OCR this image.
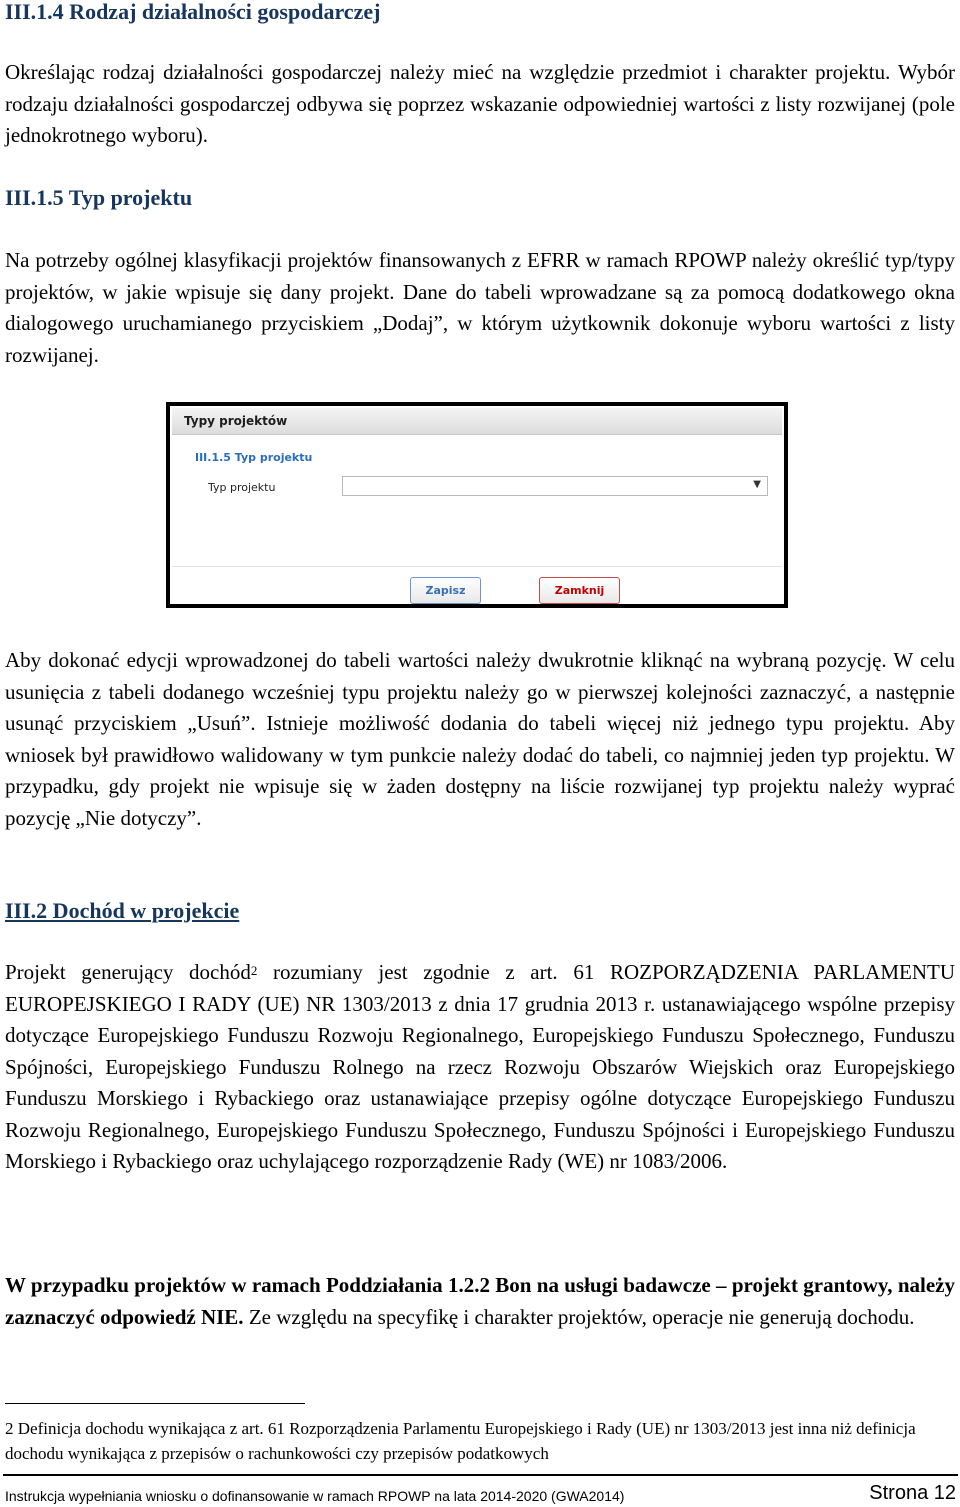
III.1.4 Rodzaj działalności gospodarczej

Określając rodzaj działalności gospodarczej należy mieć na względzie przedmiot i charakter projektu. Wybór rodzaju działalności gospodarczej odbywa się poprzez wskazanie odpowiedniej wartości z listy rozwijanej (pole jednokrotnego wyboru).

III.1.5 Typ projektu

Na potrzeby ogólnej klasyfikacji projektów finansowanych z EFRR w ramach RPOWP należy określić typ/typy projektów, w jakie wpisuje się dany projekt. Dane do tabeli wprowadzane są za pomocą dodatkowego okna dialogowego uruchamianego przyciskiem „Dodaj”, w którym użytkownik dokonuje wyboru wartości z listy rozwijanej.

Typy projektów
III.1.5 Typ projektu
Typ projektu	▼
Zapisz	Zamknij

Aby dokonać edycji wprowadzonej do tabeli wartości należy dwukrotnie kliknąć na wybraną pozycję. W celu usunięcia z tabeli dodanego wcześniej typu projektu należy go w pierwszej kolejności zaznaczyć, a następnie usunąć przyciskiem „Usuń”. Istnieje możliwość dodania do tabeli więcej niż jednego typu projektu. Aby wniosek był prawidłowo walidowany w tym punkcie należy dodać do tabeli, co najmniej jeden typ projektu. W przypadku, gdy projekt nie wpisuje się w żaden dostępny na liście rozwijanej typ projektu należy wyprać pozycję „Nie dotyczy”.

III.2 Dochód w projekcie

Projekt generujący dochód$^2$ rozumiany jest zgodnie z art. 61 ROZPORZĄDZENIA PARLAMENTU EUROPEJSKIEGO I RADY (UE) NR 1303/2013 z dnia 17 grudnia 2013 r. ustanawiającego wspólne przepisy dotyczące Europejskiego Funduszu Rozwoju Regionalnego, Europejskiego Funduszu Społecznego, Funduszu Spójności, Europejskiego Funduszu Rolnego na rzecz Rozwoju Obszarów Wiejskich oraz Europejskiego Funduszu Morskiego i Rybackiego oraz ustanawiające przepisy ogólne dotyczące Europejskiego Funduszu Rozwoju Regionalnego, Europejskiego Funduszu Społecznego, Funduszu Spójności i Europejskiego Funduszu Morskiego i Rybackiego oraz uchylającego rozporządzenie Rady (WE) nr 1083/2006.

W przypadku projektów w ramach Poddziałania 1.2.2 Bon na usługi badawcze – projekt grantowy, należy zaznaczyć odpowiedź NIE. Ze względu na specyfikę i charakter projektów, operacje nie generują dochodu.

2 Definicja dochodu wynikająca z art. 61 Rozporządzenia Parlamentu Europejskiego i Rady (UE) nr 1303/2013 jest inna niż definicja dochodu wynikająca z przepisów o rachunkowości czy przepisów podatkowych

Instrukcja wypełniania wniosku o dofinansowanie w ramach RPOWP na lata 2014-2020 (GWA2014)	Strona 12
